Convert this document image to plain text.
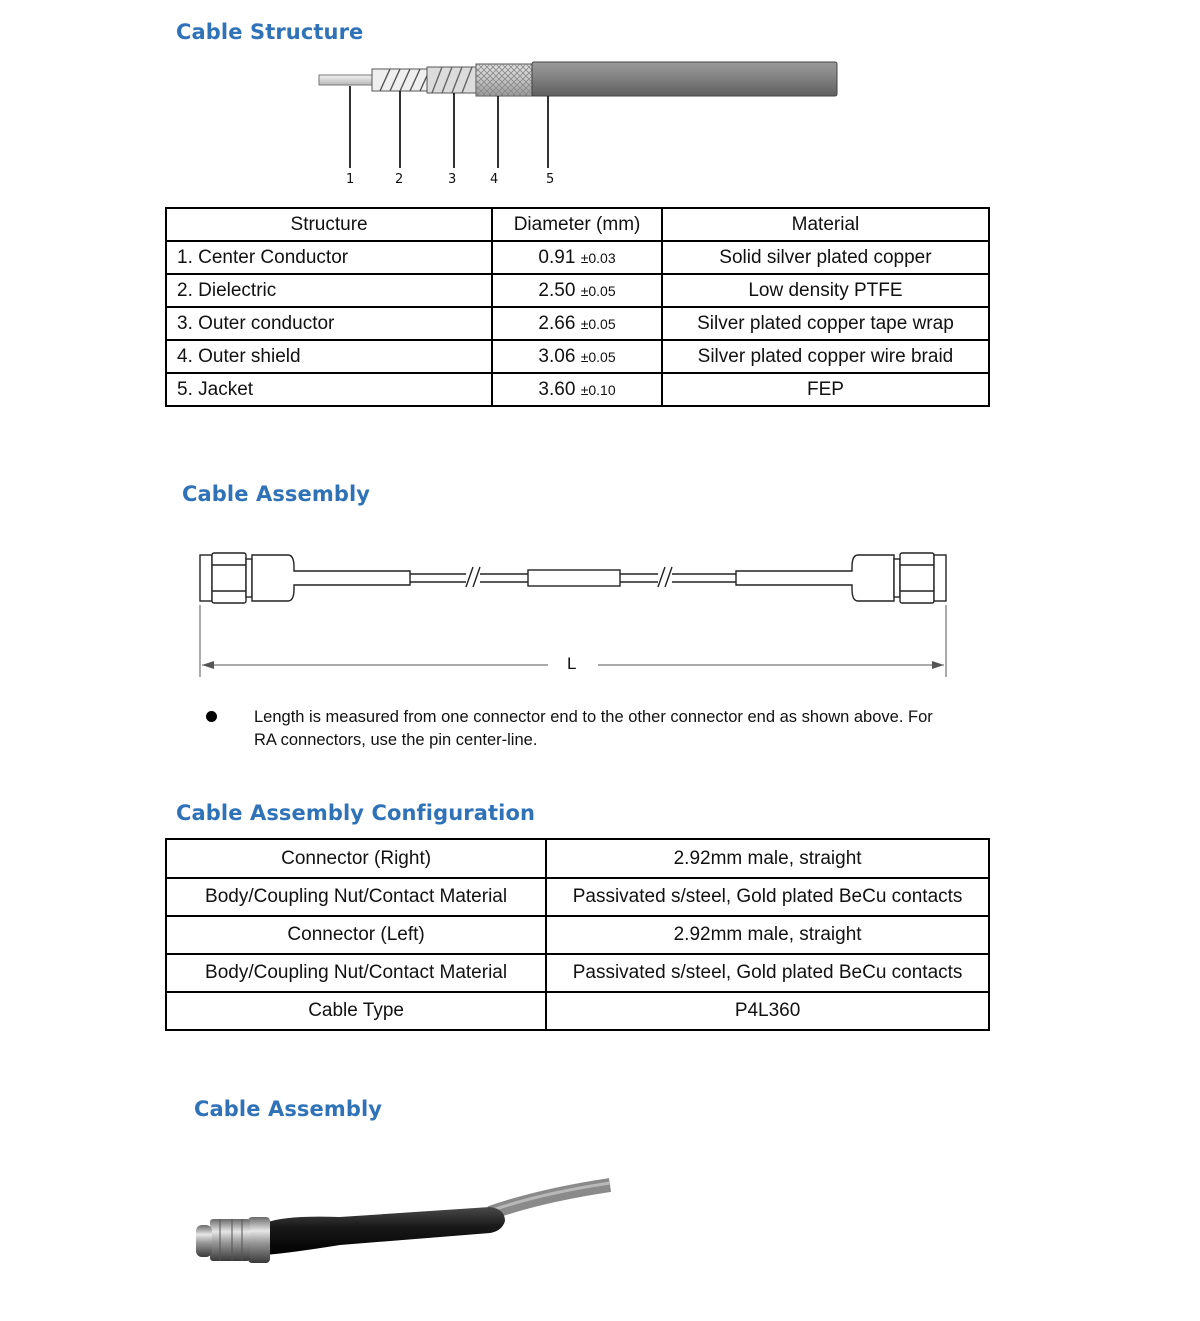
Cable Structure
1	2	3	4	5
Structure	Diameter (mm)	Material
1. Center Conductor	0.91 ±0.03	Solid silver plated copper
2. Dielectric	2.50 ±0.05	Low density PTFE
3. Outer conductor	2.66 ±0.05	Silver plated copper tape wrap
4. Outer shield	3.06 ±0.05	Silver plated copper wire braid
5. Jacket	3.60 ±0.10	FEP
Cable Assembly
L

Length is measured from one connector end to the other connector end as shown above. For RA connectors, use the pin center-line.

Cable Assembly Configuration
Connector (Right)	2.92mm male, straight
Body/Coupling Nut/Contact Material	Passivated s/steel, Gold plated BeCu contacts
Connector (Left)	2.92mm male, straight
Body/Coupling Nut/Contact Material	Passivated s/steel, Gold plated BeCu contacts
Cable Type	P4L360
Cable Assembly
